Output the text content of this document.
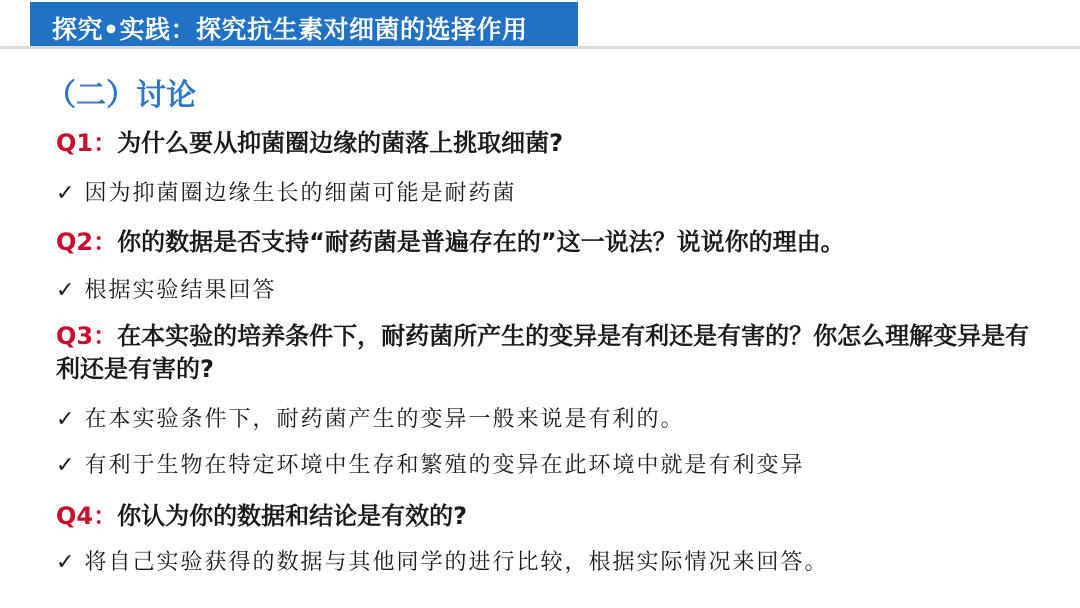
探究•实践：探究抗生素对细菌的选择作用
（二）讨论
Q1：为什么要从抑菌圈边缘的菌落上挑取细菌?
✓ 因为抑菌圈边缘生长的细菌可能是耐药菌
Q2：你的数据是否支持“耐药菌是普遍存在的”这一说法？说说你的理由。
✓ 根据实验结果回答
Q3：在本实验的培养条件下，耐药菌所产生的变异是有利还是有害的？你怎么理解变异是有利还是有害的?
✓ 在本实验条件下，耐药菌产生的变异一般来说是有利的。
✓ 有利于生物在特定环境中生存和繁殖的变异在此环境中就是有利变异
Q4：你认为你的数据和结论是有效的?
✓ 将自己实验获得的数据与其他同学的进行比较，根据实际情况来回答。
